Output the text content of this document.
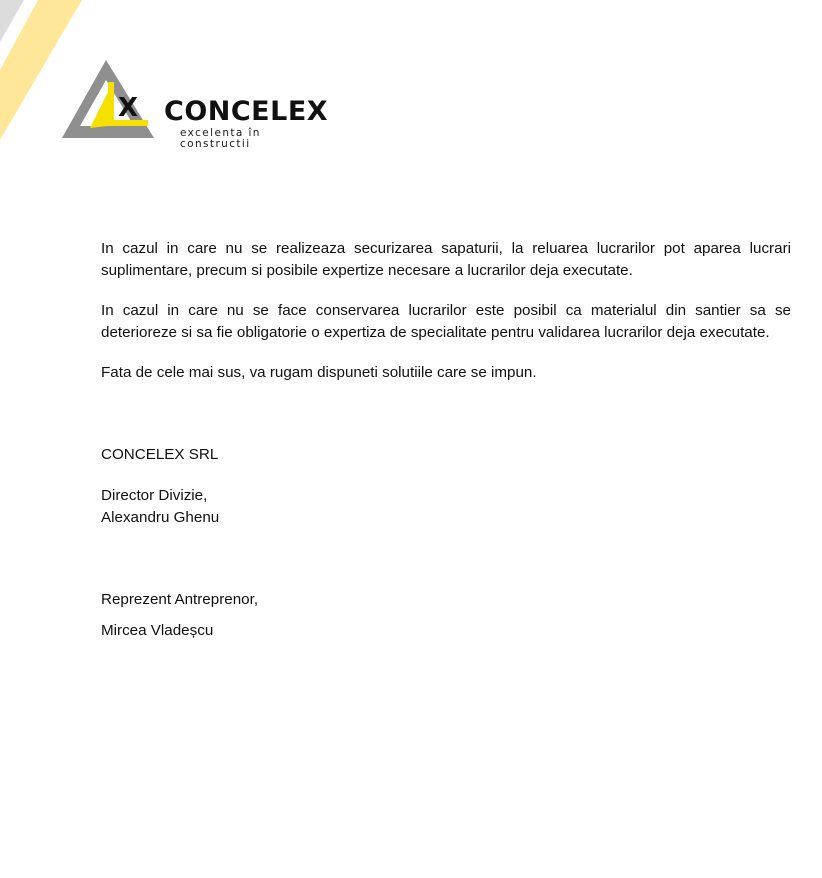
X CONCELEX
excelenta în constructii

In cazul in care nu se realizeaza securizarea sapaturii, la reluarea lucrarilor pot aparea lucrari suplimentare, precum si posibile expertize necesare a lucrarilor deja executate.

In cazul in care nu se face conservarea lucrarilor este posibil ca materialul din santier sa se deterioreze si sa fie obligatorie o expertiza de specialitate pentru validarea lucrarilor deja executate.

Fata de cele mai sus, va rugam dispuneti solutiile care se impun.

CONCELEX SRL
Director Divizie,
Alexandru Ghenu
Reprezent Antreprenor,
Mircea Vladeșcu
